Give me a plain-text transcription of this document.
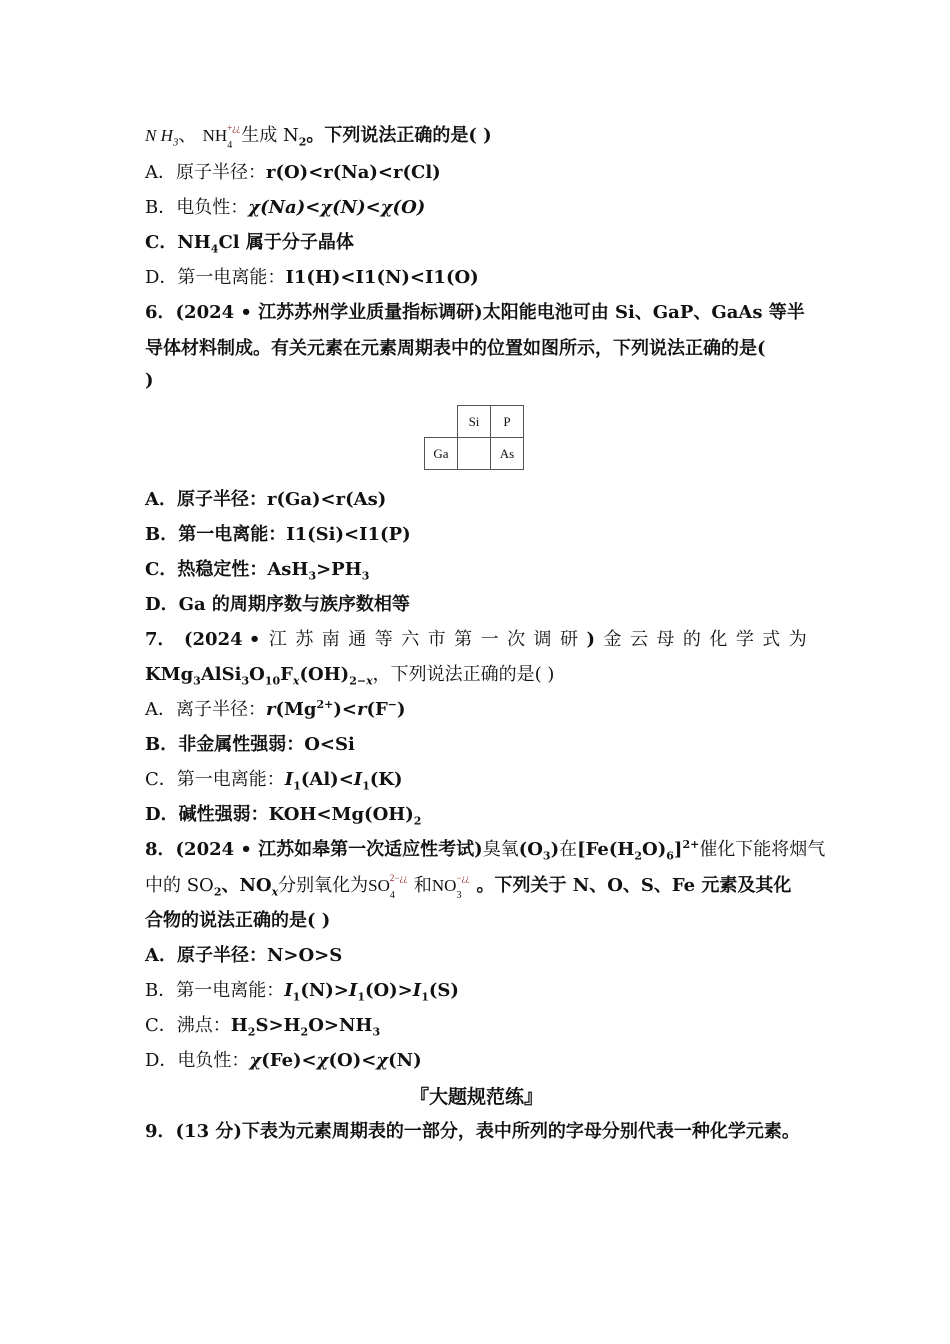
N $H_3$、 NH +¿¿
4 生成 $N_2$。下列说法正确的是( )
A．原子半径：r(O)<r(Na)<r(Cl)
B．电负性：χ(Na)<χ(N)<χ(O)
C．$NH_4Cl$ 属于分子晶体
D．第一电离能：I1(H)<I1(N)<I1(O)
6．(2024 • 江苏苏州学业质量指标调研)太阳能电池可由 Si、GaP、GaAs 等半
导体材料制成。有关元素在元素周期表中的位置如图所示，下列说法正确的是(
)
	Si	P
Ga		As
A．原子半径：r(Ga)<r(As)
B．第一电离能：I1(Si)<I1(P)
C．热稳定性：$AsH_3>PH_3$
D．Ga 的周期序数与族序数相等
7． (2024 • 江 苏 南 通 等 六 市 第 一 次 调 研 ) 金 云 母 的 化 学 式 为
$KMg_3AlSi_3O_{10}F_x(OH)_{2-x}$，下列说法正确的是( )
A．离子半径：$r(Mg^{2+})<r(F^-)$
B．非金属性强弱：O<Si
C．第一电离能：$I_1(Al)<I_1(K)$
D．碱性强弱：$KOH<Mg(OH)_2$
8．(2024 • 江苏如皋第一次适应性考试)臭氧$(O_3)$在$[Fe(H_2O)_6]^{2+}$催化下能将烟气
中的 $SO_2$、$NO_x$分别氧化为SO 2−¿¿
4 和NO −¿¿
3 。下列关于 N、O、S、Fe 元素及其化
合物的说法正确的是( )
A．原子半径：N>O>S
B．第一电离能：$I_1(N)>I_1(O)>I_1(S)$
C．沸点：$H_2S>H_2O>NH_3$
D．电负性：χ(Fe)<χ(O)<χ(N)
『大题规范练』
9．(13 分)下表为元素周期表的一部分，表中所列的字母分别代表一种化学元素。
